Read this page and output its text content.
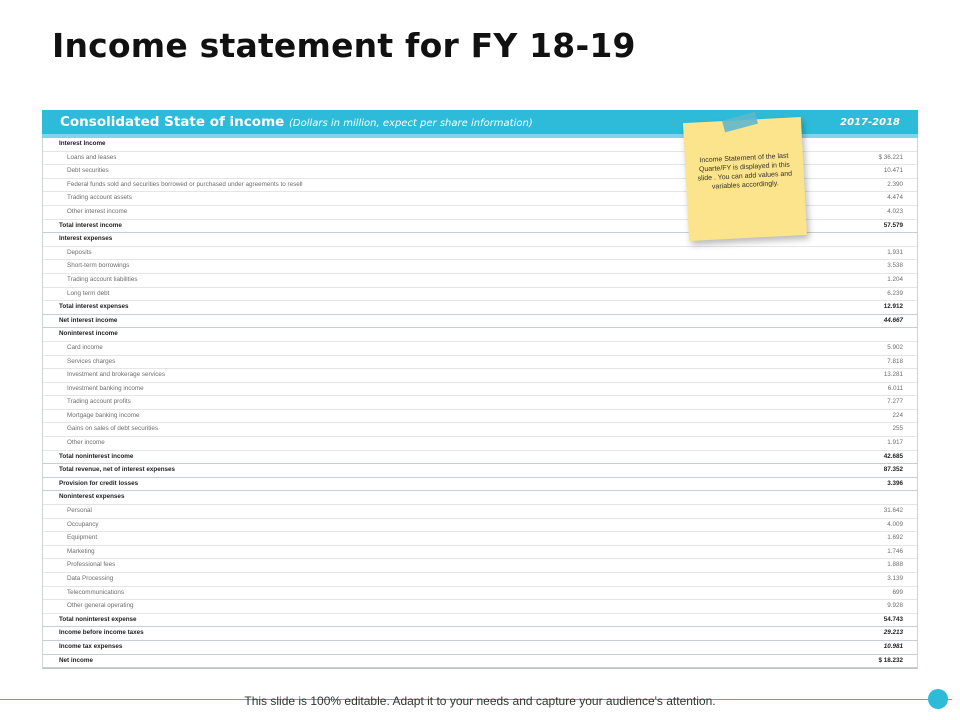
Income statement for FY 18-19
Consolidated State of income (Dollars in million, expect per share information)	2017-2018
Interest Income
Loans and leases	$ 36.221
Debt securities	10.471
Federal funds sold and securities borrowed or purchased under agreements to resell	2.390
Trading account assets	4.474
Other interest income	4.023
Total interest income	57.579
Interest expenses
Deposits	1.931
Short-term borrowings	3.538
Trading account liabilities	1.204
Long term debt	6.239
Total interest expenses	12.912
Net interest income	44.667
Noninterest income
Card income	5.902
Services charges	7.818
Investment and brokerage services	13.281
Investment banking income	6.011
Trading account profits	7.277
Mortgage banking income	224
Gains on sales of debt securities	255
Other income	1.917
Total noninterest income	42.685
Total revenue, net of interest expenses	87.352
Provision for credit losses	3.396
Noninterest expenses
Personal	31.642
Occupancy	4.009
Equipment	1.692
Marketing	1.746
Professional fees	1.888
Data Processing	3.139
Telecommunications	699
Other general operating	9.928
Total noninterest expense	54.743
Income before income taxes	29.213
Income tax expenses	10.981
Net income	$ 18.232
Income Statement of the last Quarte/FY is displayed in this slide . You can add values and variables accordingly.
This slide is 100% editable. Adapt it to your needs and capture your audience's attention.
